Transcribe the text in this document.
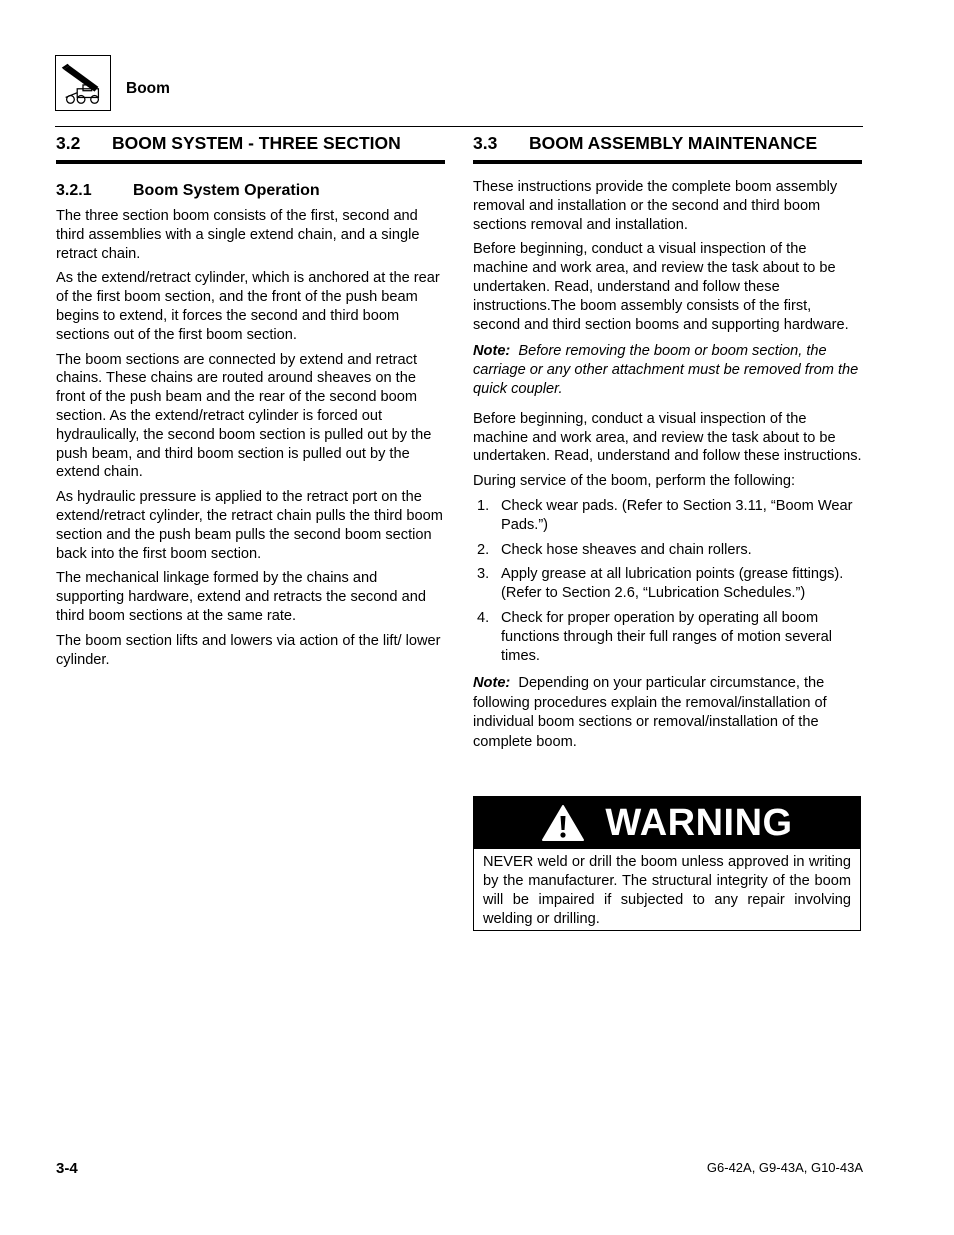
Boom
3.2	BOOM SYSTEM - THREE SECTION
3.2.1	Boom System Operation

The three section boom consists of the first, second and third assemblies with a single extend chain, and a single retract chain.

As the extend/retract cylinder, which is anchored at the rear of the first boom section, and the front of the push beam begins to extend, it forces the second and third boom sections out of the first boom section.

The boom sections are connected by extend and retract chains. These chains are routed around sheaves on the front of the push beam and the rear of the second boom section. As the extend/retract cylinder is forced out hydraulically, the second boom section is pulled out by the push beam, and third boom section is pulled out by the extend chain.

As hydraulic pressure is applied to the retract port on the extend/retract cylinder, the retract chain pulls the third boom section and the push beam pulls the second boom section back into the first boom section.

The mechanical linkage formed by the chains and supporting hardware, extend and retracts the second and third boom sections at the same rate.

The boom section lifts and lowers via action of the lift/ lower cylinder.

3.3	BOOM ASSEMBLY MAINTENANCE

These instructions provide the complete boom assembly removal and installation or the second and third boom sections removal and installation.

Before beginning, conduct a visual inspection of the machine and work area, and review the task about to be undertaken. Read, understand and follow these instructions.The boom assembly consists of the first, second and third section booms and supporting hardware.

Note: Before removing the boom or boom section, the carriage or any other attachment must be removed from the quick coupler.

Before beginning, conduct a visual inspection of the machine and work area, and review the task about to be undertaken. Read, understand and follow these instructions.

During service of the boom, perform the following:

1. Check wear pads. (Refer to Section 3.11, “Boom Wear Pads.”)
2. Check hose sheaves and chain rollers.
3. Apply grease at all lubrication points (grease fittings). (Refer to Section 2.6, “Lubrication Schedules.”)
4. Check for proper operation by operating all boom functions through their full ranges of motion several times.

Note: Depending on your particular circumstance, the following procedures explain the removal/installation of individual boom sections or removal/installation of the complete boom.

WARNING
NEVER weld or drill the boom unless approved in writing by the manufacturer. The structural integrity of the boom will be impaired if subjected to any repair involving welding or drilling.
3-4	G6-42A, G9-43A, G10-43A
